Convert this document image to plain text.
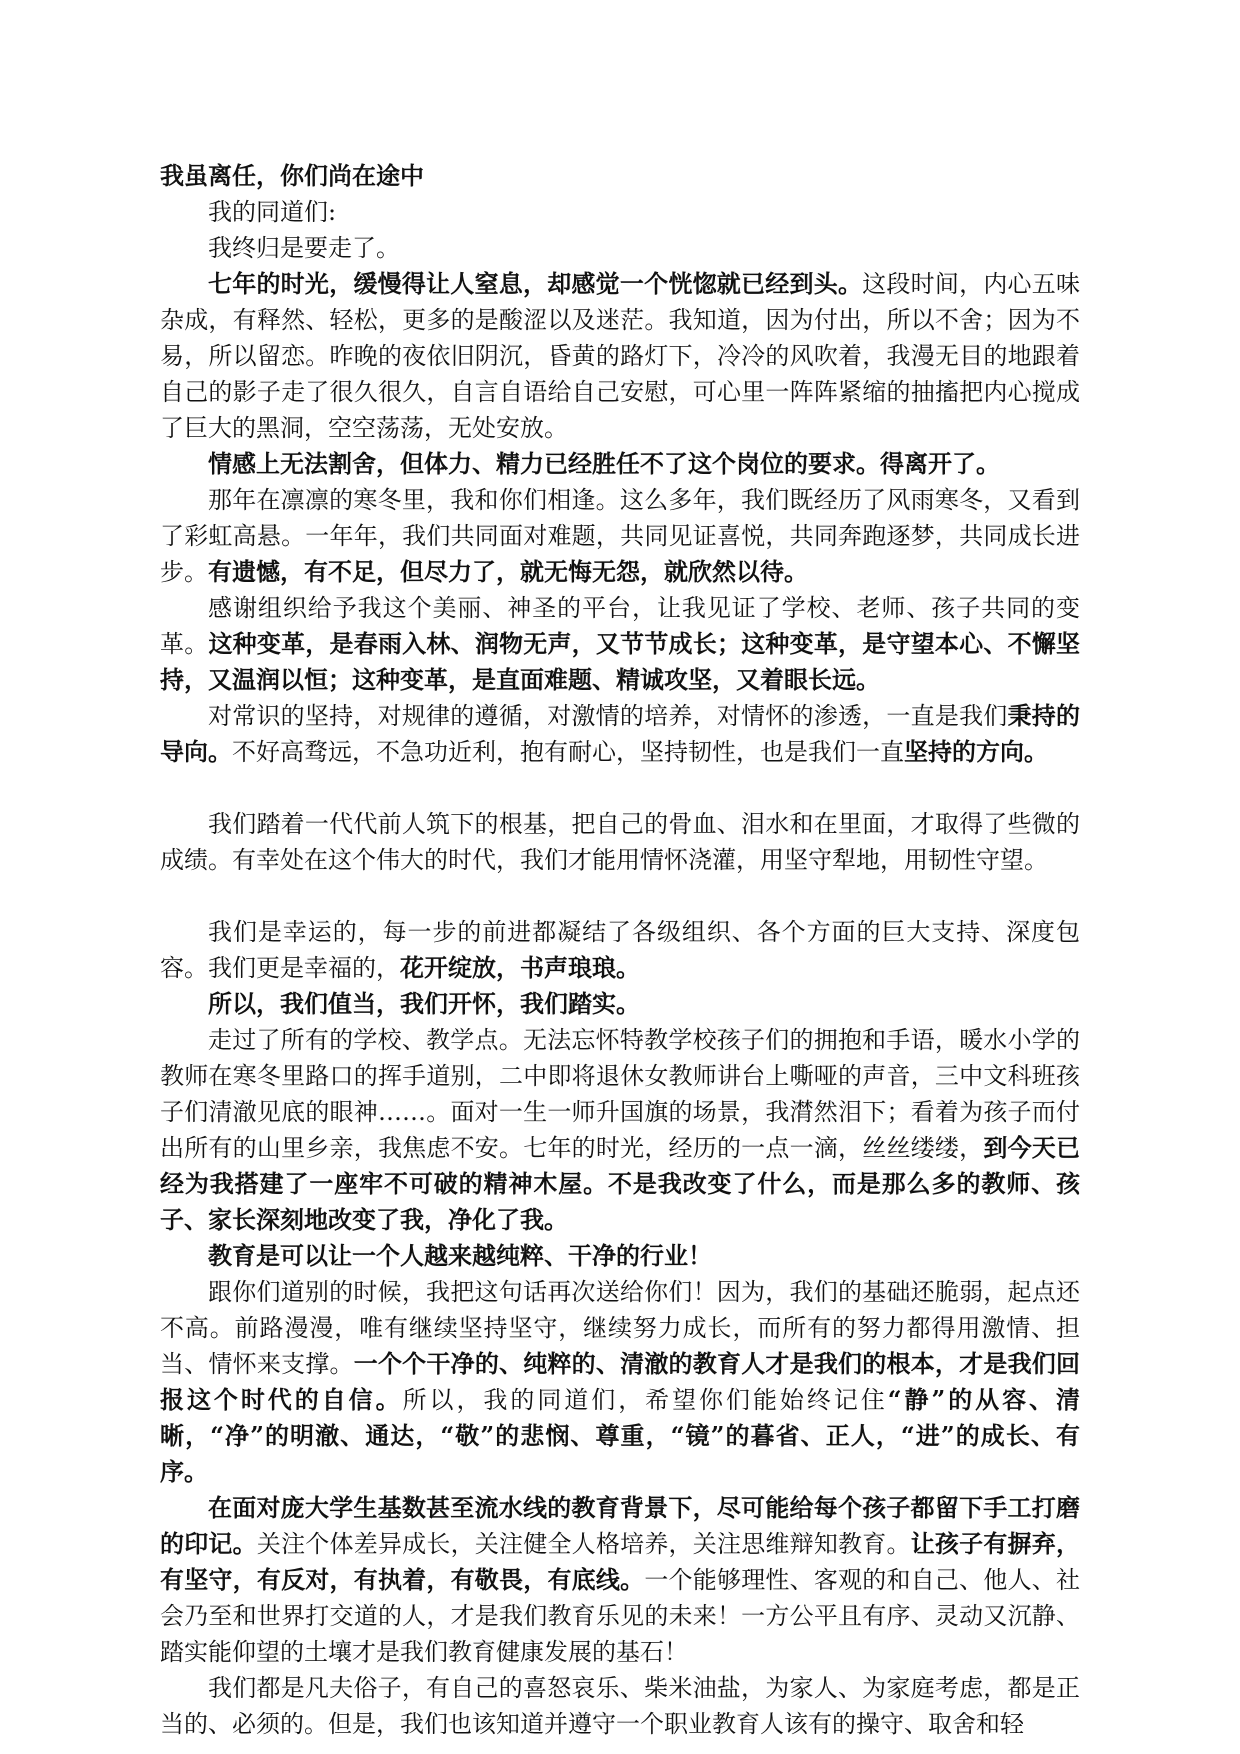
我虽离任，你们尚在途中

我的同道们:

我终归是要走了。

七年的时光，缓慢得让人窒息，却感觉一个恍惚就已经到头。这段时间，内心五味杂成，有释然、轻松，更多的是酸涩以及迷茫。我知道，因为付出，所以不舍；因为不易，所以留恋。昨晚的夜依旧阴沉，昏黄的路灯下，冷冷的风吹着，我漫无目的地跟着自己的影子走了很久很久，自言自语给自己安慰，可心里一阵阵紧缩的抽搐把内心搅成了巨大的黑洞，空空荡荡，无处安放。

情感上无法割舍，但体力、精力已经胜任不了这个岗位的要求。得离开了。

那年在凛凛的寒冬里，我和你们相逢。这么多年，我们既经历了风雨寒冬，又看到了彩虹高悬。一年年，我们共同面对难题，共同见证喜悦，共同奔跑逐梦，共同成长进步。有遗憾，有不足，但尽力了，就无悔无怨，就欣然以待。

感谢组织给予我这个美丽、神圣的平台，让我见证了学校、老师、孩子共同的变革。这种变革，是春雨入林、润物无声，又节节成长；这种变革，是守望本心、不懈坚持，又温润以恒；这种变革，是直面难题、精诚攻坚，又着眼长远。

对常识的坚持，对规律的遵循，对激情的培养，对情怀的渗透，一直是我们秉持的导向。不好高骛远，不急功近利，抱有耐心，坚持韧性，也是我们一直坚持的方向。

我们踏着一代代前人筑下的根基，把自己的骨血、泪水和在里面，才取得了些微的成绩。有幸处在这个伟大的时代，我们才能用情怀浇灌，用坚守犁地，用韧性守望。

我们是幸运的，每一步的前进都凝结了各级组织、各个方面的巨大支持、深度包容。我们更是幸福的，花开绽放，书声琅琅。

所以，我们值当，我们开怀，我们踏实。

走过了所有的学校、教学点。无法忘怀特教学校孩子们的拥抱和手语，暖水小学的教师在寒冬里路口的挥手道别，二中即将退休女教师讲台上嘶哑的声音，三中文科班孩子们清澈见底的眼神……。面对一生一师升国旗的场景，我潸然泪下；看着为孩子而付出所有的山里乡亲，我焦虑不安。七年的时光，经历的一点一滴，丝丝缕缕，到今天已经为我搭建了一座牢不可破的精神木屋。不是我改变了什么，而是那么多的教师、孩子、家长深刻地改变了我，净化了我。

教育是可以让一个人越来越纯粹、干净的行业！

跟你们道别的时候，我把这句话再次送给你们！因为，我们的基础还脆弱，起点还不高。前路漫漫，唯有继续坚持坚守，继续努力成长，而所有的努力都得用激情、担当、情怀来支撑。一个个干净的、纯粹的、清澈的教育人才是我们的根本，才是我们回报这个时代的自信。所以，我的同道们，希望你们能始终记住“静”的从容、清晰，“净”的明澈、通达，“敬”的悲悯、尊重，“镜”的暮省、正人，“进”的成长、有序。

在面对庞大学生基数甚至流水线的教育背景下，尽可能给每个孩子都留下手工打磨的印记。关注个体差异成长，关注健全人格培养，关注思维辩知教育。让孩子有摒弃，有坚守，有反对，有执着，有敬畏，有底线。一个能够理性、客观的和自己、他人、社会乃至和世界打交道的人，才是我们教育乐见的未来！一方公平且有序、灵动又沉静、踏实能仰望的土壤才是我们教育健康发展的基石！

我们都是凡夫俗子，有自己的喜怒哀乐、柴米油盐，为家人、为家庭考虑，都是正当的、必须的。但是，我们也该知道并遵守一个职业教育人该有的操守、取舍和轻
